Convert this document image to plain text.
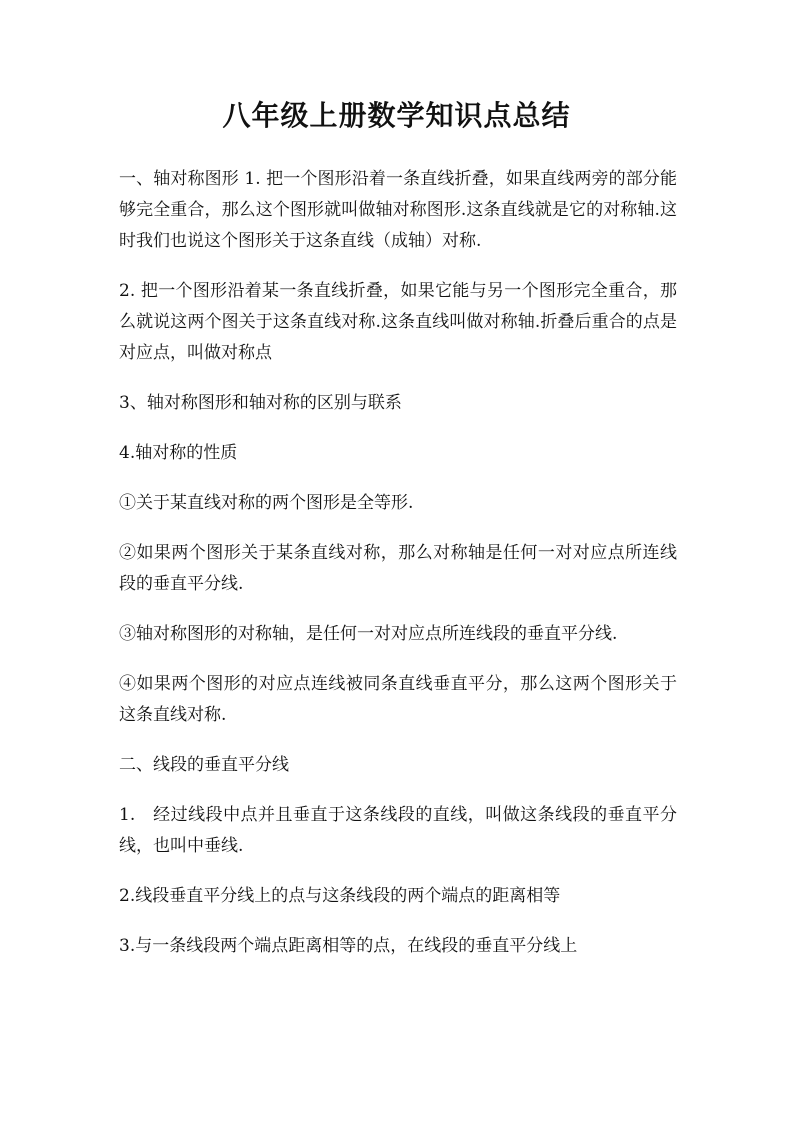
八年级上册数学知识点总结

一、轴对称图形 1. 把一个图形沿着一条直线折叠，如果直线两旁的部分能够完全重合，那么这个图形就叫做轴对称图形.这条直线就是它的对称轴.这时我们也说这个图形关于这条直线（成轴）对称.

2. 把一个图形沿着某一条直线折叠，如果它能与另一个图形完全重合，那么就说这两个图关于这条直线对称.这条直线叫做对称轴.折叠后重合的点是对应点，叫做对称点

3、轴对称图形和轴对称的区别与联系

4.轴对称的性质

①关于某直线对称的两个图形是全等形.

②如果两个图形关于某条直线对称，那么对称轴是任何一对对应点所连线段的垂直平分线.

③轴对称图形的对称轴，是任何一对对应点所连线段的垂直平分线.

④如果两个图形的对应点连线被同条直线垂直平分，那么这两个图形关于这条直线对称.

二、线段的垂直平分线

1.　经过线段中点并且垂直于这条线段的直线，叫做这条线段的垂直平分线，也叫中垂线.

2.线段垂直平分线上的点与这条线段的两个端点的距离相等

3.与一条线段两个端点距离相等的点，在线段的垂直平分线上
